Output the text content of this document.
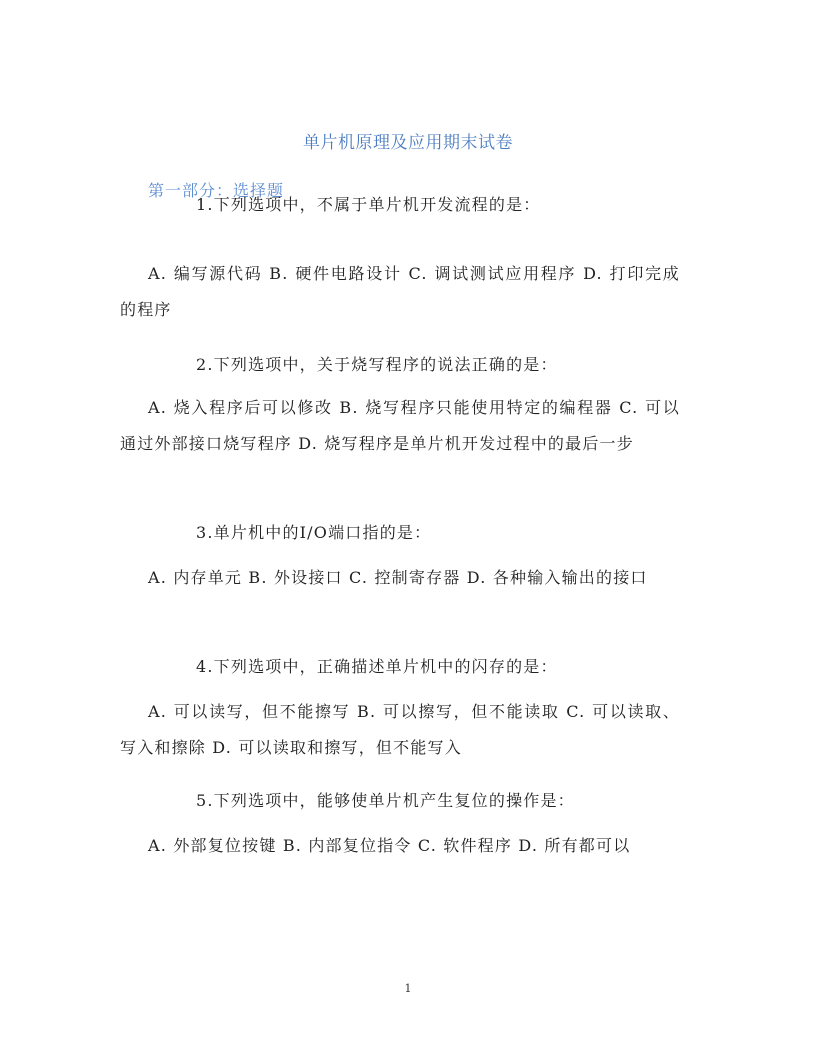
单片机原理及应用期末试卷
第一部分：选择题
1.下列选项中，不属于单片机开发流程的是：
A. 编写源代码 B. 硬件电路设计 C. 调试测试应用程序 D. 打印完成的程序
2.下列选项中，关于烧写程序的说法正确的是：
A. 烧入程序后可以修改 B. 烧写程序只能使用特定的编程器 C. 可以通过外部接口烧写程序 D. 烧写程序是单片机开发过程中的最后一步
3.单片机中的I/O端口指的是：
A. 内存单元 B. 外设接口 C. 控制寄存器 D. 各种输入输出的接口
4.下列选项中，正确描述单片机中的闪存的是：
A. 可以读写，但不能擦写 B. 可以擦写，但不能读取 C. 可以读取、写入和擦除 D. 可以读取和擦写，但不能写入
5.下列选项中，能够使单片机产生复位的操作是：
A. 外部复位按键 B. 内部复位指令 C. 软件程序 D. 所有都可以
1
